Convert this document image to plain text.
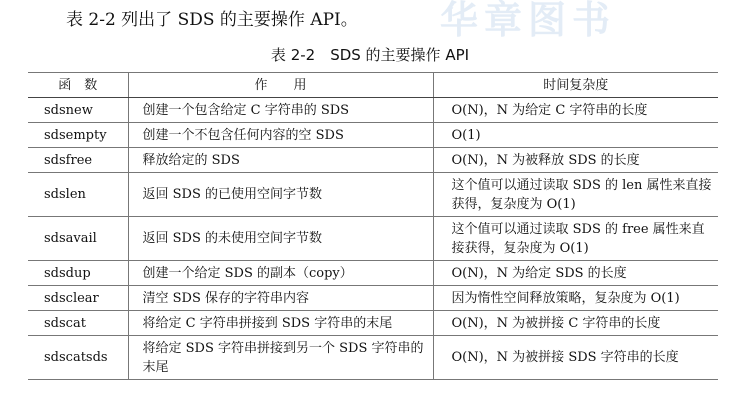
华章图书
表 2-2 列出了 SDS 的主要操作 API。
表 2-2　SDS 的主要操作 API
函　数	作　　用	时间复杂度
sdsnew	创建一个包含给定 C 字符串的 SDS	O(N)，N 为给定 C 字符串的长度
sdsempty	创建一个不包含任何内容的空 SDS	O(1)
sdsfree	释放给定的 SDS	O(N)，N 为被释放 SDS 的长度
sdslen	返回 SDS 的已使用空间字节数	这个值可以通过读取 SDS 的 len 属性来直接获得，复杂度为 O(1)
sdsavail	返回 SDS 的未使用空间字节数	这个值可以通过读取 SDS 的 free 属性来直接获得，复杂度为 O(1)
sdsdup	创建一个给定 SDS 的副本（copy）	O(N)，N 为给定 SDS 的长度
sdsclear	清空 SDS 保存的字符串内容	因为惰性空间释放策略，复杂度为 O(1)
sdscat	将给定 C 字符串拼接到 SDS 字符串的末尾	O(N)，N 为被拼接 C 字符串的长度
sdscatsds	将给定 SDS 字符串拼接到另一个 SDS 字符串的末尾	O(N)，N 为被拼接 SDS 字符串的长度
